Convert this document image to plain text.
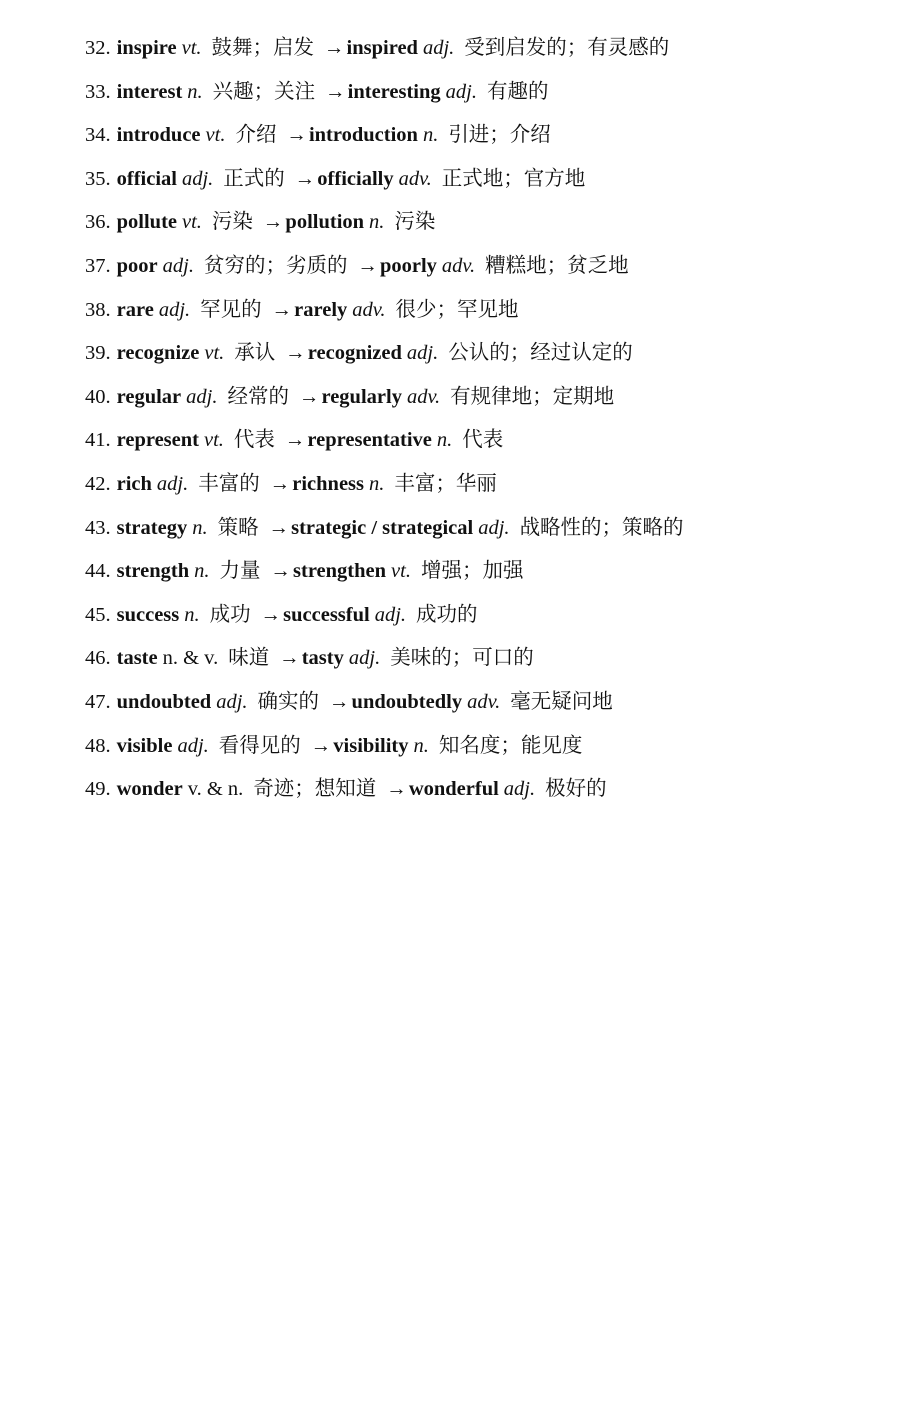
32. inspire vt. 鼓舞；启发 →inspired adj. 受到启发的；有灵感的
33. interest n. 兴趣；关注 →interesting adj. 有趣的
34. introduce vt. 介绍 →introduction n. 引进；介绍
35. official adj. 正式的 →officially adv. 正式地；官方地
36. pollute vt. 污染 →pollution n. 污染
37. poor adj. 贫穷的；劣质的 →poorly adv. 糟糕地；贫乏地
38. rare adj. 罕见的 →rarely adv. 很少；罕见地
39. recognize vt. 承认 →recognized adj. 公认的；经过认定的
40. regular adj. 经常的 →regularly adv. 有规律地；定期地
41. represent vt. 代表 →representative n. 代表
42. rich adj. 丰富的 →richness n. 丰富；华丽
43. strategy n. 策略 →strategic / strategical adj. 战略性的；策略的
44. strength n. 力量 →strengthen vt. 增强；加强
45. success n. 成功 →successful adj. 成功的
46. taste n. & v. 味道 →tasty adj. 美味的；可口的
47. undoubted adj. 确实的 →undoubtedly adv. 毫无疑问地
48. visible adj. 看得见的 →visibility n. 知名度；能见度
49. wonder v. & n. 奇迹；想知道 →wonderful adj. 极好的
